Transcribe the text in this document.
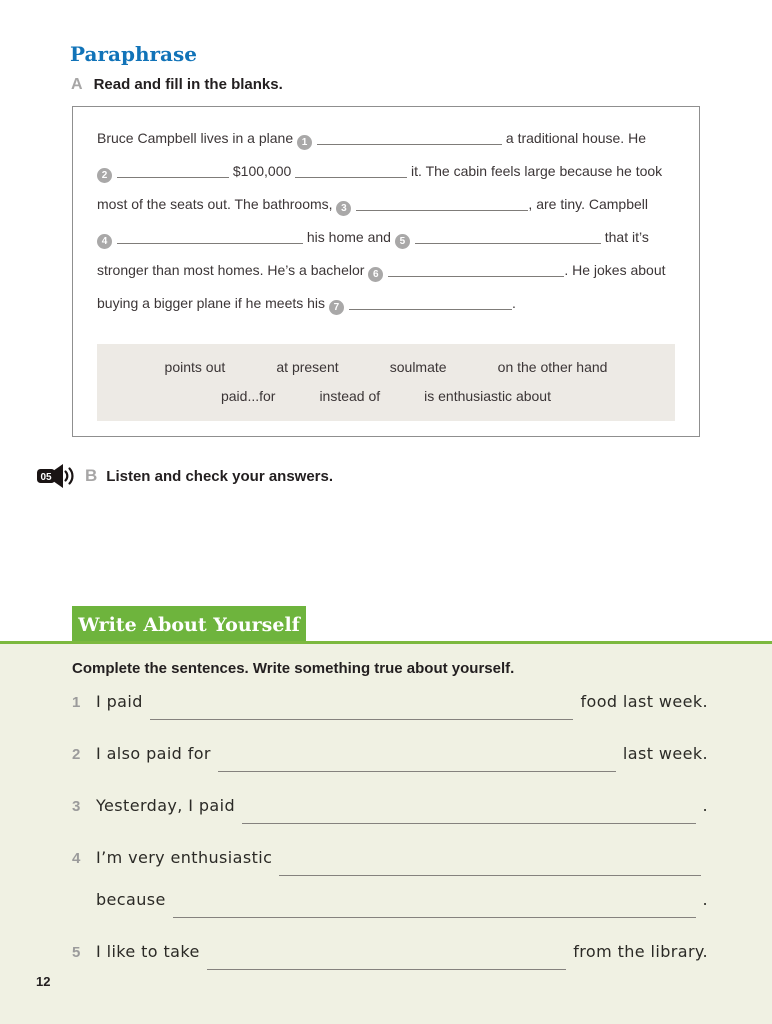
Paraphrase
A Read and fill in the blanks.
Bruce Campbell lives in a plane 1	a traditional house. He
2	$100,000	it. The cabin feels large because he took
most of the seats out. The bathrooms, 3	, are tiny. Campbell
4	his home and 5	that it’s
stronger than most homes. He’s a bachelor 6	. He jokes about
buying a bigger plane if he meets his 7	.
points out	at present	soulmate	on the other hand
paid...for	instead of	is enthusiastic about
05 B Listen and check your answers.
Write About Yourself
Complete the sentences. Write something true about yourself.
1 I paid	food last week.
2 I also paid for	last week.
3 Yesterday, I paid	.
4 I’m very enthusiastic
because	.
5 I like to take	from the library.
12
